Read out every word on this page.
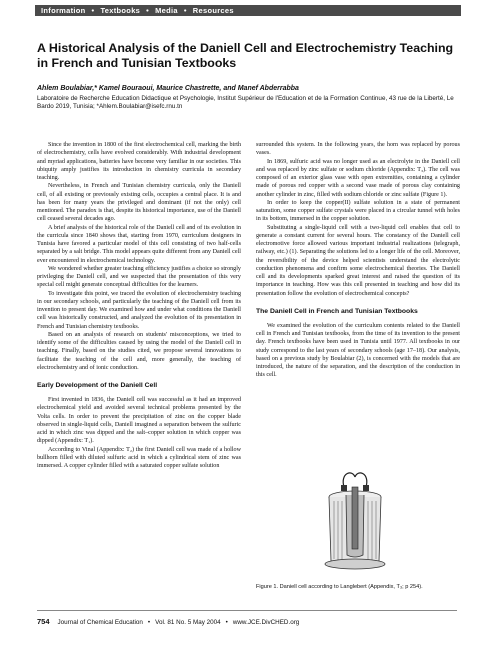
Information • Textbooks • Media • Resources
A Historical Analysis of the Daniell Cell and Electrochemistry Teaching in French and Tunisian Textbooks

Ahlem Boulabiar,* Kamel Bouraoui, Maurice Chastrette, and Manef Abderrabba

Laboratoire de Recherche Education Didactique et Psychologie, Institut Supérieur de l'Education et de la Formation Continue, 43 rue de la Liberté, Le Bardo 2019, Tunisia; *Ahlem.Boulabiar@isefc.rnu.tn

Since the invention in 1800 of the first electrochemical cell, marking the birth of electrochemistry, cells have evolved considerably. With industrial development and myriad applications, batteries have become very familiar in our societies. This ubiquity amply justifies its introduction in chemistry curricula in secondary teaching.

Nevertheless, in French and Tunisian chemistry curricula, only the Daniell cell, of all existing or previously existing cells, occupies a central place. It is and has been for many years the privileged and dominant (if not the only) cell mentioned. The paradox is that, despite its historical importance, use of the Daniell cell ceased several decades ago.

A brief analysis of the historical role of the Daniell cell and of its evolution in the curricula since 1840 shows that, starting from 1970, curriculum designers in Tunisia have favored a particular model of this cell consisting of two half-cells separated by a salt bridge. This model appears quite different from any Daniell cell ever encountered in electrochemical technology.

We wondered whether greater teaching efficiency justifies a choice so strongly privileging the Daniell cell, and we suspected that the presentation of this very special cell might generate conceptual difficulties for the learners.

To investigate this point, we traced the evolution of electrochemistry teaching in our secondary schools, and particularly the teaching of the Daniell cell from its invention to present day. We examined how and under what conditions the Daniell cell was historically constructed, and analyzed the evolution of its presentation in French and Tunisian chemistry textbooks.

Based on an analysis of research on students' misconceptions, we tried to identify some of the difficulties caused by using the model of the Daniell cell in teaching. Finally, based on the studies cited, we propose several innovations to facilitate the teaching of the cell and, more generally, the teaching of electrochemistry and of ionic conduction.

Early Development of the Daniell Cell

First invented in 1836, the Daniell cell was successful as it had an improved electrochemical yield and avoided several technical problems presented by the Volta cells. In order to prevent the precipitation of zinc on the copper blade observed in single-liquid cells, Daniell imagined a separation between the sulfuric acid in which zinc was dipped and the salt–copper solution in which copper was dipped (Appendix: T₁).

According to Vinal (Appendix: T₂) the first Daniell cell was made of a hollow bullhorn filled with diluted sulfuric acid in which a cylindrical stem of zinc was immersed. A copper cylinder filled with a saturated copper sulfate solution

surrounded this system. In the following years, the horn was replaced by porous vases.

In 1869, sulfuric acid was no longer used as an electrolyte in the Daniell cell and was replaced by zinc sulfate or sodium chloride (Appendix: T₃). The cell was composed of an exterior glass vase with open extremities, containing a cylinder made of porous red copper with a second vase made of porous clay containing another cylinder in zinc, filled with sodium chloride or zinc sulfate (Figure 1).

In order to keep the copper(II) sulfate solution in a state of permanent saturation, some copper sulfate crystals were placed in a circular tunnel with holes in its bottom, immersed in the copper solution.

Substituting a single-liquid cell with a two-liquid cell enables that cell to generate a constant current for several hours. The constancy of the Daniell cell electromotive force allowed various important industrial realizations (telegraph, railway, etc.) (1). Separating the solutions led to a longer life of the cell. Moreover, the reversibility of the device helped scientists understand the electrolytic conduction phenomena and confirm some electrochemical theories. The Daniell cell and its developments sparked great interest and raised the question of its importance in teaching. How was this cell presented in teaching and how did its presentation follow the evolution of electrochemical concepts?

The Daniell Cell in French and Tunisian Textbooks

We examined the evolution of the curriculum contents related to the Daniell cell in French and Tunisian textbooks, from the time of its invention to the present day. French textbooks have been used in Tunisia until 1977. All textbooks in our study correspond to the last years of secondary schools (age 17–18). Our analysis, based on a previous study by Boulabiar (2), is concerned with the models that are introduced, the nature of the separation, and the description of the conduction in this cell.

Figure 1. Daniell cell according to Langlebert (Appendix, T₃; p 254).

754 Journal of Chemical Education • Vol. 81 No. 5 May 2004 • www.JCE.DivCHED.org
